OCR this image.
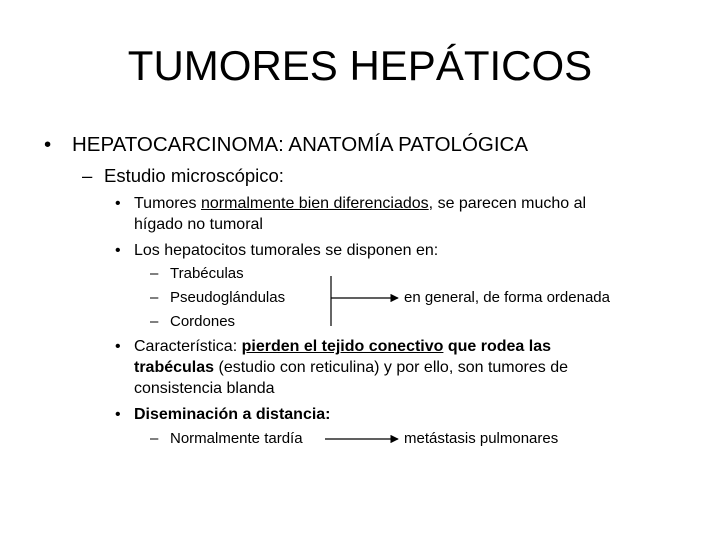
TUMORES HEPÁTICOS
• HEPATOCARCINOMA: ANATOMÍA PATOLÓGICA
– Estudio microscópico:
• Tumores normalmente bien diferenciados, se parecen mucho al
hígado no tumoral
• Los hepatocitos tumorales se disponen en:
– Trabéculas
– Pseudoglándulas
– Cordones
en general, de forma ordenada
• Característica: pierden el tejido conectivo que rodea las
trabéculas (estudio con reticulina) y por ello, son tumores de
consistencia blanda
• Diseminación a distancia:
– Normalmente tardía	metástasis pulmonares
